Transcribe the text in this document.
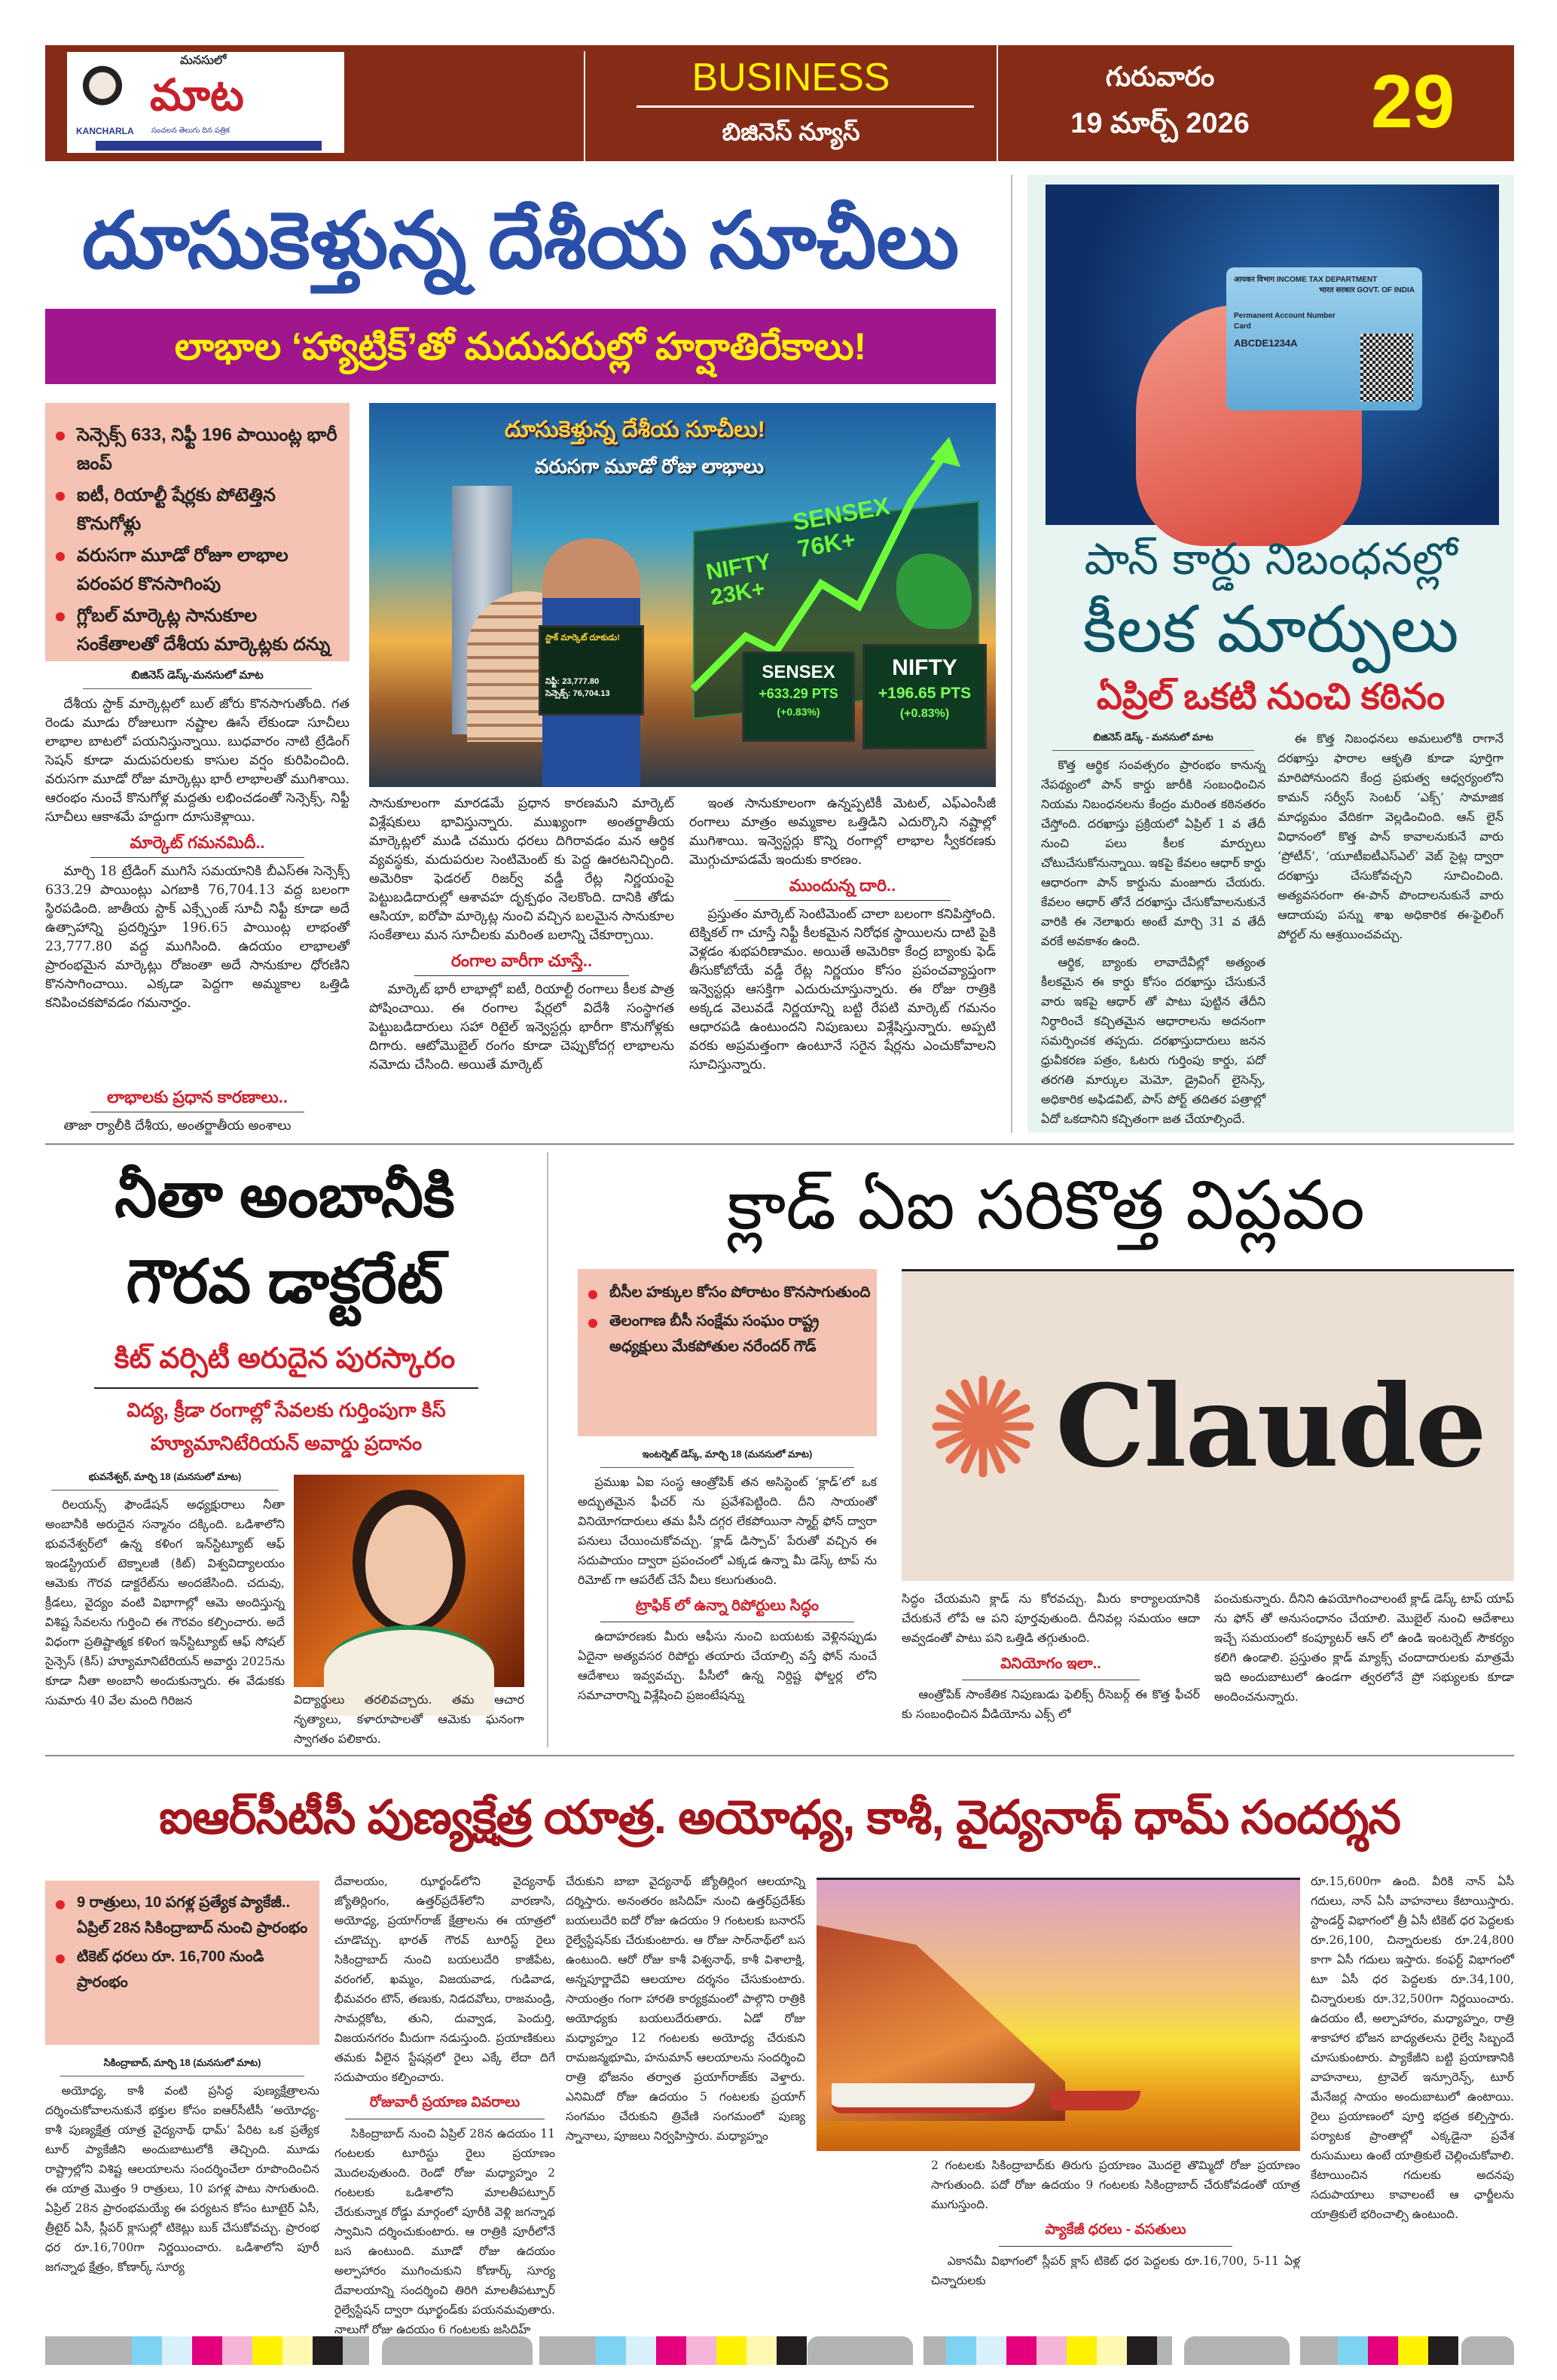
మనసులో
మాట
KANCHARLA సంచలన తెలుగు దిన పత్రిక
BUSINESS
బిజినెస్ న్యూస్
గురువారం
19 మార్చ్ 2026	29
దూసుకెళ్తున్న దేశీయ సూచీలు
లాభాల ‘హ్యాట్రిక్’తో మదుపరుల్లో హర్షాతిరేకాలు!
సెన్సెక్స్ 633, నిఫ్టీ 196 పాయింట్ల భారీ జంప్
ఐటీ, రియాల్టీ షేర్లకు పోటెత్తిన కొనుగోళ్లు
వరుసగా మూడో రోజూ లాభాల పరంపర కొనసాగింపు
గ్లోబల్ మార్కెట్ల సానుకూల సంకేతాలతో దేశీయ మార్కెట్లకు దన్ను
దూసుకెళ్తున్న దేశీయ సూచీలు!
వరుసగా మూడో రోజు లాభాలు
NIFTY 23K+
SENSEX 76K+
స్టాక్ మార్కెట్ దూకుడు!
నిఫ్టీ: 23,777.80
సెన్సెక్స్: 76,704.13
SENSEX
+633.29 PTS
(+0.83%)
NIFTY
+196.65 PTS
(+0.83%)
బిజినెస్ డెస్క్-మనసులో మాట

దేశీయ స్టాక్ మార్కెట్లలో బుల్ జోరు కొనసాగుతోంది. గత రెండు మూడు రోజులుగా నష్టాల ఊసే లేకుండా సూచీలు లాభాల బాటలో పయనిస్తున్నాయి. బుధవారం నాటి ట్రేడింగ్ సెషన్ కూడా మదుపరులకు కాసుల వర్షం కురిపించింది. వరుసగా మూడో రోజు మార్కెట్లు భారీ లాభాలతో ముగిశాయి. ఆరంభం నుంచే కొనుగోళ్ల మద్దతు లభించడంతో సెన్సెక్స్, నిఫ్టీ సూచీలు ఆకాశమే హద్దుగా దూసుకెళ్లాయి.

మార్కెట్ గమనమిదీ..

మార్చి 18 ట్రేడింగ్ ముగిసే సమయానికి బీఎస్ఈ సెన్సెక్స్ 633.29 పాయింట్లు ఎగబాకి 76,704.13 వద్ద బలంగా స్థిరపడింది. జాతీయ స్టాక్ ఎక్స్చేంజ్ సూచీ నిఫ్టీ కూడా అదే ఉత్సాహాన్ని ప్రదర్శిస్తూ 196.65 పాయింట్ల లాభంతో 23,777.80 వద్ద ముగిసింది. ఉదయం లాభాలతో ప్రారంభమైన మార్కెట్లు రోజంతా అదే సానుకూల ధోరణిని కొనసాగించాయి. ఎక్కడా పెద్దగా అమ్మకాల ఒత్తిడి కనిపించకపోవడం గమనార్హం.

లాభాలకు ప్రధాన కారణాలు..

తాజా ర్యాలీకి దేశీయ, అంతర్జాతీయ అంశాలు

సానుకూలంగా మారడమే ప్రధాన కారణమని మార్కెట్ విశ్లేషకులు భావిస్తున్నారు. ముఖ్యంగా అంతర్జాతీయ మార్కెట్లలో ముడి చమురు ధరలు దిగిరావడం మన ఆర్థిక వ్యవస్థకు, మదుపరుల సెంటిమెంట్ కు పెద్ద ఊరటనిచ్చింది. అమెరికా ఫెడరల్ రిజర్వ్ వడ్డీ రేట్ల నిర్ణయంపై పెట్టుబడిదారుల్లో ఆశావహ దృక్పథం నెలకొంది. దానికి తోడు ఆసియా, ఐరోపా మార్కెట్ల నుంచి వచ్చిన బలమైన సానుకూల సంకేతాలు మన సూచీలకు మరింత బలాన్ని చేకూర్చాయి.

రంగాల వారీగా చూస్తే..

మార్కెట్ భారీ లాభాల్లో ఐటీ, రియాల్టీ రంగాలు కీలక పాత్ర పోషించాయి. ఈ రంగాల షేర్లలో విదేశీ సంస్థాగత పెట్టుబడిదారులు సహా రిటైల్ ఇన్వెస్టర్లు భారీగా కొనుగోళ్లకు దిగారు. ఆటోమొబైల్ రంగం కూడా చెప్పుకోదగ్గ లాభాలను నమోదు చేసింది. అయితే మార్కెట్

ఇంత సానుకూలంగా ఉన్నప్పటికీ మెటల్, ఎఫ్ఎంసీజీ రంగాలు మాత్రం అమ్మకాల ఒత్తిడిని ఎదుర్కొని నష్టాల్లో ముగిశాయి. ఇన్వెస్టర్లు కొన్ని రంగాల్లో లాభాల స్వీకరణకు మొగ్గుచూపడమే ఇందుకు కారణం.

ముందున్న దారి..

ప్రస్తుతం మార్కెట్ సెంటిమెంట్ చాలా బలంగా కనిపిస్తోంది. టెక్నికల్ గా చూస్తే నిఫ్టీ కీలకమైన నిరోధక స్థాయిలను దాటి పైకి వెళ్లడం శుభపరిణామం. అయితే అమెరికా కేంద్ర బ్యాంకు ఫెడ్ తీసుకోబోయే వడ్డీ రేట్ల నిర్ణయం కోసం ప్రపంచవ్యాప్తంగా ఇన్వెస్టర్లు ఆసక్తిగా ఎదురుచూస్తున్నారు. ఈ రోజు రాత్రికి అక్కడ వెలువడే నిర్ణయాన్ని బట్టి రేపటి మార్కెట్ గమనం ఆధారపడి ఉంటుందని నిపుణులు విశ్లేషిస్తున్నారు. అప్పటి వరకు అప్రమత్తంగా ఉంటూనే సరైన షేర్లను ఎంచుకోవాలని సూచిస్తున్నారు.

आयकर विभाग INCOME TAX DEPARTMENT
भारत सरकार GOVT. OF INDIA
Permanent Account Number Card
ABCDE1234A
పాన్ కార్డు నిబంధనల్లో
కీలక మార్పులు
ఏప్రిల్ ఒకటి నుంచి కఠినం
బిజినెస్ డెస్క్ - మనసులో మాట

కొత్త ఆర్థిక సంవత్సరం ప్రారంభం కానున్న నేపథ్యంలో పాన్ కార్డు జారీకి సంబంధించిన నియమ నిబంధనలను కేంద్రం మరింత కఠినతరం చేస్తోంది. దరఖాస్తు ప్రక్రియలో ఏప్రిల్ 1 వ తేదీ నుంచి పలు కీలక మార్పులు చోటుచేసుకోనున్నాయి. ఇకపై కేవలం ఆధార్ కార్డు ఆధారంగా పాన్ కార్డును మంజూరు చేయరు. కేవలం ఆధార్ తోనే దరఖాస్తు చేసుకోవాలనుకునే వారికి ఈ నెలాఖరు అంటే మార్చి 31 వ తేదీ వరకే అవకాశం ఉంది.

ఆర్థిక, బ్యాంకు లావాదేవీల్లో అత్యంత కీలకమైన ఈ కార్డు కోసం దరఖాస్తు చేసుకునే వారు ఇకపై ఆధార్ తో పాటు పుట్టిన తేదీని నిర్ధారించే కచ్చితమైన ఆధారాలను అదనంగా సమర్పించక తప్పదు. దరఖాస్తుదారులు జనన ధ్రువీకరణ పత్రం, ఓటరు గుర్తింపు కార్డు, పదో తరగతి మార్కుల మెమో, డ్రైవింగ్ లైసెన్స్, అధికారిక అఫిడవిట్, పాస్ పోర్ట్ తదితర పత్రాల్లో ఏదో ఒకదానిని కచ్చితంగా జత చేయాల్సిందే.

ఈ కొత్త నిబంధనలు అమలులోకి రాగానే దరఖాస్తు ఫారాల ఆకృతి కూడా పూర్తిగా మారిపోనుందని కేంద్ర ప్రభుత్వ ఆధ్వర్యంలోని కామన్ సర్వీస్ సెంటర్ ‘ఎక్స్’ సామాజిక మాధ్యమం వేదికగా వెల్లడించింది. ఆన్ లైన్ విధానంలో కొత్త పాన్ కావాలనుకునే వారు ‘ప్రోటీన్’, ‘యూటీఐటీఎస్ఎల్’ వెబ్ సైట్ల ద్వారా దరఖాస్తు చేసుకోవచ్చని సూచించింది. అత్యవసరంగా ఈ-పాన్ పొందాలనుకునే వారు ఆదాయపు పన్ను శాఖ అధికారిక ఈ-ఫైలింగ్ పోర్టల్ ను ఆశ్రయించవచ్చు.

నీతా అంబానీకి
గౌరవ డాక్టరేట్
కిట్ వర్సిటీ అరుదైన పురస్కారం
విద్య, క్రీడా రంగాల్లో సేవలకు గుర్తింపుగా కిస్ హ్యూమానిటేరియన్ అవార్డు ప్రదానం
భువనేశ్వర్, మార్చి 18 (మనసులో మాట)

రిలయన్స్ ఫౌండేషన్ అధ్యక్షురాలు నీతా అంబానీకి అరుదైన సన్మానం దక్కింది. ఒడిశాలోని భువనేశ్వర్‌లో ఉన్న కళింగ ఇన్‌స్టిట్యూట్ ఆఫ్ ఇండస్ట్రియల్ టెక్నాలజీ (కిట్) విశ్వవిద్యాలయం ఆమెకు గౌరవ డాక్టరేట్‌ను అందజేసింది. చదువు, క్రీడలు, వైద్యం వంటి విభాగాల్లో ఆమె అందిస్తున్న విశిష్ట సేవలను గుర్తించి ఈ గౌరవం కల్పించారు. అదే విధంగా ప్రతిష్టాత్మక కళింగ ఇన్‌స్టిట్యూట్ ఆఫ్ సోషల్ సైన్సెస్ (కిస్) హ్యూమానిటేరియన్ అవార్డు 2025ను కూడా నీతా అంబానీ అందుకున్నారు. ఈ వేడుకకు సుమారు 40 వేల మంది గిరిజన	విద్యార్థులు తరలివచ్చారు. తమ ఆచార నృత్యాలు, కళారూపాలతో ఆమెకు ఘనంగా స్వాగతం పలికారు.

క్లాడ్ ఏఐ సరికొత్త విప్లవం
బీసీల హక్కుల కోసం పోరాటం కొనసాగుతుంది
తెలంగాణ బీసీ సంక్షేమ సంఘం రాష్ట్ర అధ్యక్షులు మేకపోతుల నరేందర్ గౌడ్
Claude
ఇంటర్నెట్ డెస్క్, మార్చి 18 (మనసులో మాట)

ప్రముఖ ఏఐ సంస్థ ఆంత్రోపిక్ తన అసిస్టెంట్ ‘క్లాడ్’లో ఒక అద్భుతమైన ఫీచర్ ను ప్రవేశపెట్టింది. దీని సాయంతో వినియోగదారులు తమ పీసీ దగ్గర లేకపోయినా స్మార్ట్ ఫోన్ ద్వారా పనులు చేయించుకోవచ్చు. ‘క్లాడ్ డిస్పాచ్’ పేరుతో వచ్చిన ఈ సదుపాయం ద్వారా ప్రపంచంలో ఎక్కడ ఉన్నా మీ డెస్క్ టాప్ ను రిమోట్ గా ఆపరేట్ చేసే వీలు కలుగుతుంది.

ట్రాఫిక్ లో ఉన్నా రిపోర్టులు సిద్ధం

ఉదాహరణకు మీరు ఆఫీసు నుంచి బయటకు వెళ్లినప్పుడు ఏదైనా అత్యవసర రిపోర్టు తయారు చేయాల్సి వస్తే ఫోన్ నుంచే ఆదేశాలు ఇవ్వవచ్చు. పీసీలో ఉన్న నిర్దిష్ట ఫోల్డర్ల లోని సమాచారాన్ని విశ్లేషించి ప్రజంటేషన్ను

సిద్ధం చేయమని క్లాడ్ ను కోరవచ్చు. మీరు కార్యాలయానికి చేరుకునే లోపే ఆ పని పూర్తవుతుంది. దీనివల్ల సమయం ఆదా అవ్వడంతో పాటు పని ఒత్తిడి తగ్గుతుంది.

వినియోగం ఇలా..

ఆంత్రోపిక్ సాంకేతిక నిపుణుడు ఫెలిక్స్ రీసెబర్గ్ ఈ కొత్త ఫీచర్ కు సంబంధించిన వీడియోను ఎక్స్ లో

పంచుకున్నారు. దీనిని ఉపయోగించాలంటే క్లాడ్ డెస్క్ టాప్ యాప్ ను ఫోన్ తో అనుసంధానం చేయాలి. మొబైల్ నుంచి ఆదేశాలు ఇచ్చే సమయంలో కంప్యూటర్ ఆన్ లో ఉండి ఇంటర్నెట్ సౌకర్యం కలిగి ఉండాలి. ప్రస్తుతం క్లాడ్ మ్యాక్స్ చందాదారులకు మాత్రమే ఇది అందుబాటులో ఉండగా త్వరలోనే ప్రో సభ్యులకు కూడా అందించనున్నారు.

ఐఆర్‌సీటీసీ పుణ్యక్షేత్ర యాత్ర. అయోధ్య, కాశీ, వైద్యనాథ్ ధామ్ సందర్శన
9 రాత్రులు, 10 పగళ్ల ప్రత్యేక ప్యాకేజీ.. ఏప్రిల్ 28న సికింద్రాబాద్ నుంచి ప్రారంభం
టికెట్ ధరలు రూ. 16,700 నుండి ప్రారంభం
సికింద్రాబాద్, మార్చి 18 (మనసులో మాట)

అయోధ్య, కాశీ వంటి ప్రసిద్ధ పుణ్యక్షేత్రాలను దర్శించుకోవాలనుకునే భక్తుల కోసం ఐఆర్‌సీటీసీ ‘అయోధ్య-కాశీ పుణ్యక్షేత్ర యాత్ర వైద్యనాథ్ ధామ్’ పేరిట ఒక ప్రత్యేక టూర్ ప్యాకేజీని అందుబాటులోకి తెచ్చింది. మూడు రాష్ట్రాల్లోని విశిష్ట ఆలయాలను సందర్శించేలా రూపొందించిన ఈ యాత్ర మొత్తం 9 రాత్రులు, 10 పగళ్ల పాటు సాగుతుంది. ఏప్రిల్ 28న ప్రారంభమయ్యే ఈ పర్యటన కోసం టూటైర్ ఏసీ, త్రీటైర్ ఏసీ, స్లీపర్ క్లాసుల్లో టికెట్లు బుక్ చేసుకోవచ్చు. ప్రారంభ ధర రూ.16,700గా నిర్ణయించారు. ఒడిశాలోని పూరీ జగన్నాథ క్షేత్రం, కోణార్క్ సూర్య

దేవాలయం, ఝార్ఖండ్‌లోని వైద్యనాథ్ జ్యోతిర్లింగం, ఉత్తర్‌ప్రదేశ్‌లోని వారణాసి, అయోధ్య, ప్రయాగ్‌రాజ్ క్షేత్రాలను ఈ యాత్రలో చూడొచ్చు. భారత్ గౌరవ్ టూరిస్ట్ రైలు సికింద్రాబాద్ నుంచి బయలుదేరి కాజీపేట, వరంగల్, ఖమ్మం, విజయవాడ, గుడివాడ, భీమవరం టౌన్, తణుకు, నిడదవోలు, రాజమండ్రి, సామర్లకోట, తుని, దువ్వాడ, పెందుర్తి, విజయనగరం మీదుగా నడుస్తుంది. ప్రయాణికులు తమకు వీలైన స్టేషన్లలో రైలు ఎక్కే లేదా దిగే సదుపాయం కల్పించారు.

రోజువారీ ప్రయాణ వివరాలు

సికింద్రాబాద్ నుంచి ఏప్రిల్ 28న ఉదయం 11 గంటలకు టూరిస్టు రైలు ప్రయాణం మొదలవుతుంది. రెండో రోజు మధ్యాహ్నం 2 గంటలకు ఒడిశాలోని మాలతీపట్పూర్ చేరుకున్నాక రోడ్డు మార్గంలో పూరీకి వెళ్లి జగన్నాథ స్వామిని దర్శించుకుంటారు. ఆ రాత్రికి పూరీలోనే బస ఉంటుంది. మూడో రోజు ఉదయం అల్పాహారం ముగించుకుని కోణార్క్ సూర్య దేవాలయాన్ని సందర్శించి తిరిగి మాలతీపట్పూర్ రైల్వేస్టేషన్ ద్వారా ఝార్ఖండ్‌కు పయనమవుతారు. నాలుగో రోజు ఉదయం 6 గంటలకు జసిదిహ్

చేరుకుని బాబా వైద్యనాథ్ జ్యోతిర్లింగ ఆలయాన్ని దర్శిస్తారు. అనంతరం జసిదిహ్ నుంచి ఉత్తర్‌ప్రదేశ్‌కు బయలుదేరి ఐదో రోజు ఉదయం 9 గంటలకు బనారస్ రైల్వేస్టేషన్‌కు చేరుకుంటారు. ఆ రోజు సార్‌నాథ్‌లో బస ఉంటుంది. ఆరో రోజు కాశీ విశ్వనాథ్, కాశీ విశాలాక్షి, అన్నపూర్ణాదేవి ఆలయాల దర్శనం చేసుకుంటారు. సాయంత్రం గంగా హారతి కార్యక్రమంలో పాల్గొని రాత్రికి అయోధ్యకు బయలుదేరుతారు. ఏడో రోజు మధ్యాహ్నం 12 గంటలకు అయోధ్య చేరుకుని రామజన్మభూమి, హనుమాన్ ఆలయాలను సందర్శించి రాత్రి భోజనం తర్వాత ప్రయాగ్‌రాజ్‌కు వెళ్తారు. ఎనిమిదో రోజు ఉదయం 5 గంటలకు ప్రయాగ్ సంగమం చేరుకుని త్రివేణి సంగమంలో పుణ్య స్నానాలు, పూజలు నిర్వహిస్తారు. మధ్యాహ్నం

2 గంటలకు సికింద్రాబాద్‌కు తిరుగు ప్రయాణం మొదలై తొమ్మిదో రోజు ప్రయాణం సాగుతుంది. పదో రోజు ఉదయం 9 గంటలకు సికింద్రాబాద్ చేరుకోవడంతో యాత్ర ముగుస్తుంది.

ప్యాకేజీ ధరలు - వసతులు

ఎకానమీ విభాగంలో స్లీపర్ క్లాస్ టికెట్ ధర పెద్దలకు రూ.16,700, 5-11 ఏళ్ల చిన్నారులకు

రూ.15,600గా ఉంది. వీరికి నాన్ ఏసీ గదులు, నాన్ ఏసీ వాహనాలు కేటాయిస్తారు. స్టాండర్డ్ విభాగంలో త్రీ ఏసీ టికెట్ ధర పెద్దలకు రూ.26,100, చిన్నారులకు రూ.24,800 కాగా ఏసీ గదులు ఇస్తారు. కంఫర్ట్ విభాగంలో టూ ఏసీ ధర పెద్దలకు రూ.34,100, చిన్నారులకు రూ.32,500గా నిర్ణయించారు. ఉదయం టీ, అల్పాహారం, మధ్యాహ్నం, రాత్రి శాకాహార భోజన బాధ్యతలను రైల్వే సిబ్బందే చూసుకుంటారు. ప్యాకేజీని బట్టి ప్రయాణానికి వాహనాలు, ట్రావెల్ ఇన్సూరెన్స్, టూర్ మేనేజర్ల సాయం అందుబాటులో ఉంటాయి. రైలు ప్రయాణంలో పూర్తి భద్రత కల్పిస్తారు. పర్యాటక ప్రాంతాల్లో ఎక్కడైనా ప్రవేశ రుసుములు ఉంటే యాత్రికులే చెల్లించుకోవాలి. కేటాయించిన గదులకు అదనపు సదుపాయాలు కావాలంటే ఆ ఛార్జీలను యాత్రికులే భరించాల్సి ఉంటుంది.
